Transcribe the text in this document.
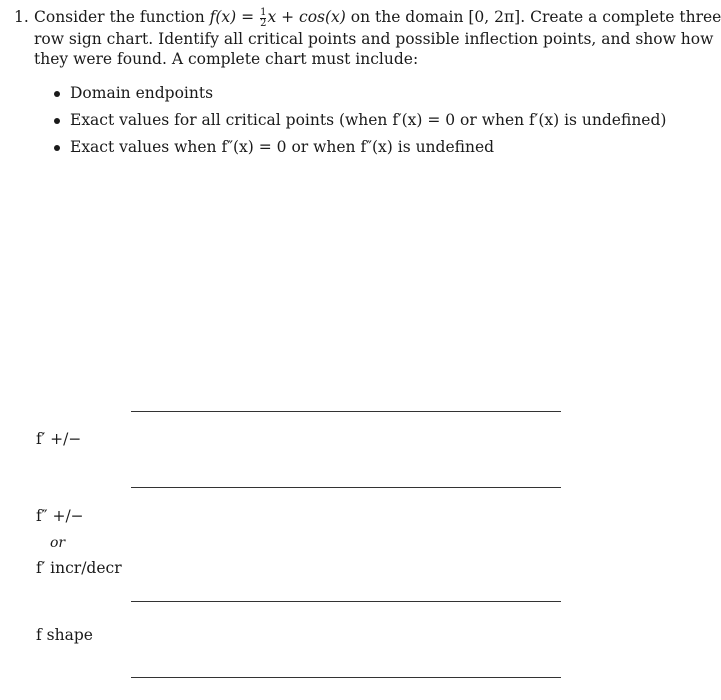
1. Consider the function $f(x) = \frac{1}{2}$ x + cos(x) on the domain [0, 2π]. Create a complete three
row sign chart. Identify all critical points and possible inflection points, and show how
they were found. A complete chart must include:
Domain endpoints
Exact values for all critical points (when f′(x) = 0 or when f′(x) is undefined)
Exact values when f″(x) = 0 or when f″(x) is undefined
f′ +/−
f″ +/−
or
f′ incr/decr
f shape
